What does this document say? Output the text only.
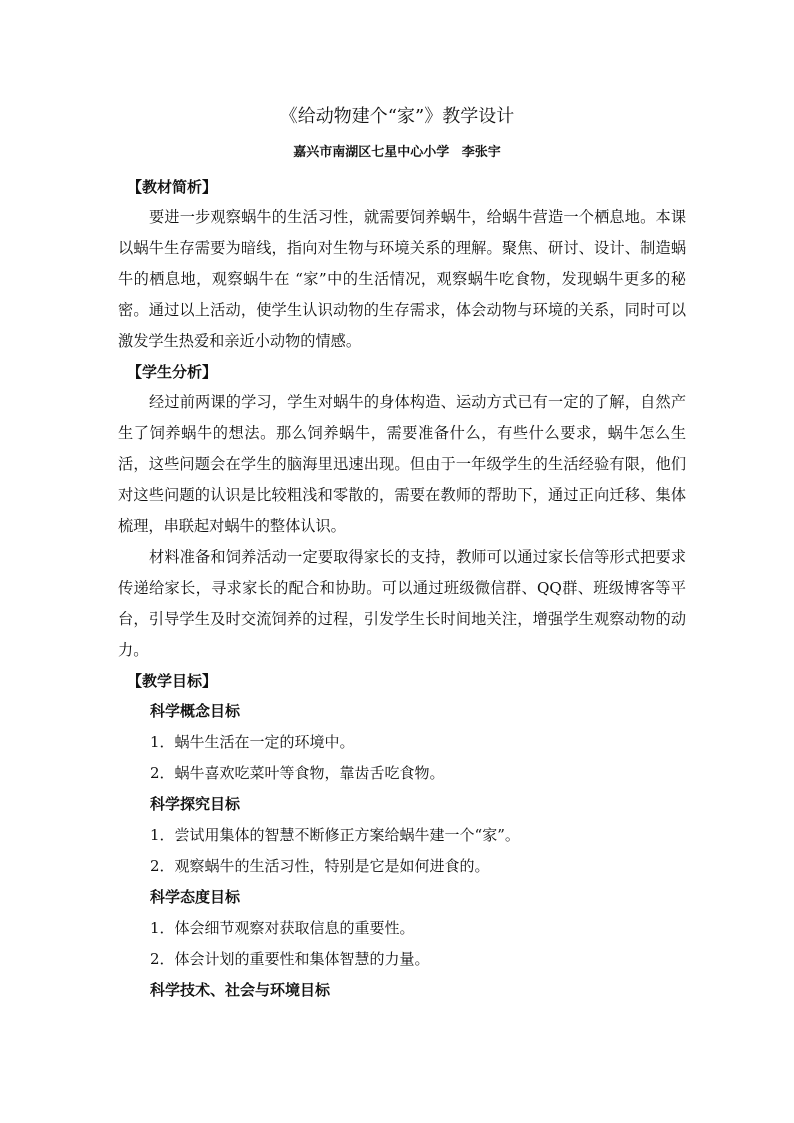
《给动物建个“家”》教学设计
嘉兴市南湖区七星中心小学 李张宇
【教材简析】

要进一步观察蜗牛的生活习性，就需要饲养蜗牛，给蜗牛营造一个栖息地。本课以蜗牛生存需要为暗线，指向对生物与环境关系的理解。聚焦、研讨、设计、制造蜗牛的栖息地，观察蜗牛在 “家”中的生活情况，观察蜗牛吃食物，发现蜗牛更多的秘密。通过以上活动，使学生认识动物的生存需求，体会动物与环境的关系，同时可以激发学生热爱和亲近小动物的情感。

【学生分析】

经过前两课的学习，学生对蜗牛的身体构造、运动方式已有一定的了解，自然产生了饲养蜗牛的想法。那么饲养蜗牛，需要准备什么，有些什么要求，蜗牛怎么生活，这些问题会在学生的脑海里迅速出现。但由于一年级学生的生活经验有限，他们对这些问题的认识是比较粗浅和零散的，需要在教师的帮助下，通过正向迁移、集体梳理，串联起对蜗牛的整体认识。

材料准备和饲养活动一定要取得家长的支持，教师可以通过家长信等形式把要求传递给家长，寻求家长的配合和协助。可以通过班级微信群、QQ群、班级博客等平台，引导学生及时交流饲养的过程，引发学生长时间地关注，增强学生观察动物的动力。

【教学目标】
科学概念目标
1．蜗牛生活在一定的环境中。
2．蜗牛喜欢吃菜叶等食物，靠齿舌吃食物。
科学探究目标
1．尝试用集体的智慧不断修正方案给蜗牛建一个“家”。
2．观察蜗牛的生活习性，特别是它是如何进食的。
科学态度目标
1．体会细节观察对获取信息的重要性。
2．体会计划的重要性和集体智慧的力量。
科学技术、社会与环境目标
